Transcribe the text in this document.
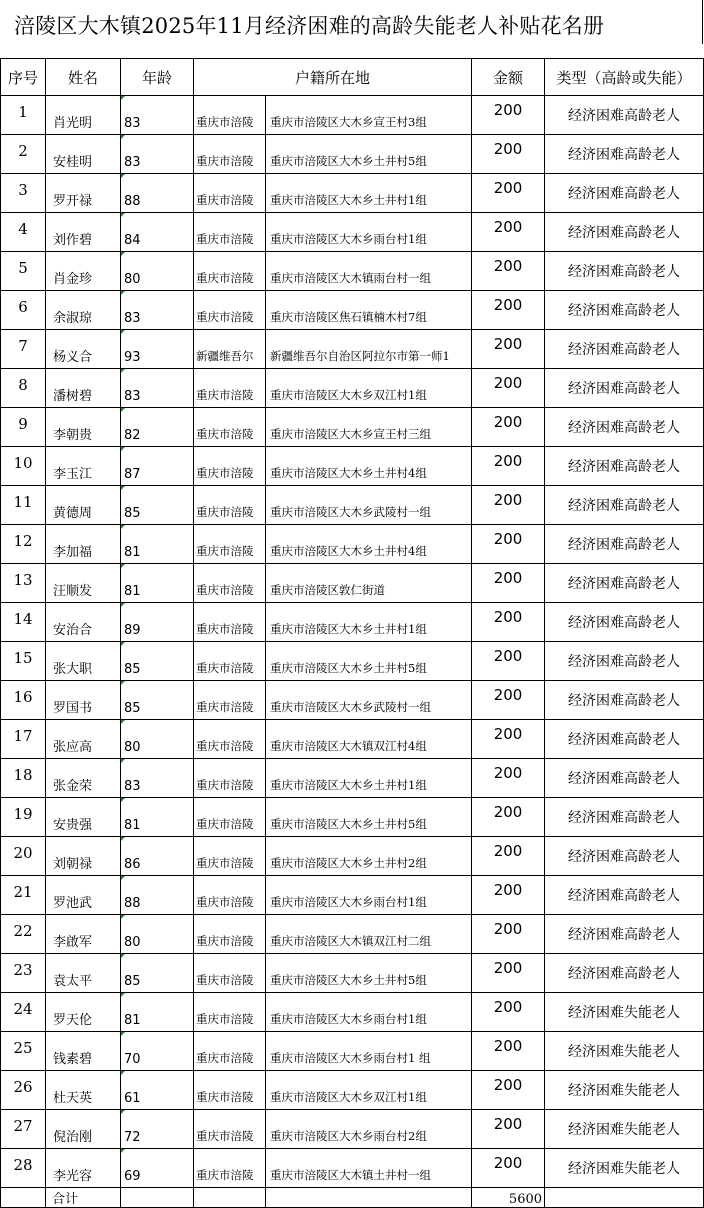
涪陵区大木镇2025年11月经济困难的高龄失能老人补贴花名册
序号	姓名	年龄	户籍所在地		金额	类型（高龄或失能）
1	肖光明	83	重庆市涪陵	重庆市涪陵区大木乡宣王村3组	200	经济困难高龄老人
2	安桂明	83	重庆市涪陵	重庆市涪陵区大木乡土井村5组	200	经济困难高龄老人
3	罗开禄	88	重庆市涪陵	重庆市涪陵区大木乡土井村1组	200	经济困难高龄老人
4	刘作碧	84	重庆市涪陵	重庆市涪陵区大木乡雨台村1组	200	经济困难高龄老人
5	肖金珍	80	重庆市涪陵	重庆市涪陵区大木镇雨台村一组	200	经济困难高龄老人
6	余淑琼	83	重庆市涪陵	重庆市涪陵区焦石镇楠木村7组	200	经济困难高龄老人
7	杨义合	93	新疆维吾尔	新疆维吾尔自治区阿拉尔市第一师1	200	经济困难高龄老人
8	潘树碧	83	重庆市涪陵	重庆市涪陵区大木乡双江村1组	200	经济困难高龄老人
9	李朝贵	82	重庆市涪陵	重庆市涪陵区大木乡宣王村三组	200	经济困难高龄老人
10	李玉江	87	重庆市涪陵	重庆市涪陵区大木乡土井村4组	200	经济困难高龄老人
11	黄德周	85	重庆市涪陵	重庆市涪陵区大木乡武陵村一组	200	经济困难高龄老人
12	李加福	81	重庆市涪陵	重庆市涪陵区大木乡土井村4组	200	经济困难高龄老人
13	汪顺发	81	重庆市涪陵	重庆市涪陵区敦仁街道	200	经济困难高龄老人
14	安治合	89	重庆市涪陵	重庆市涪陵区大木乡土井村1组	200	经济困难高龄老人
15	张大职	85	重庆市涪陵	重庆市涪陵区大木乡土井村5组	200	经济困难高龄老人
16	罗国书	85	重庆市涪陵	重庆市涪陵区大木乡武陵村一组	200	经济困难高龄老人
17	张应高	80	重庆市涪陵	重庆市涪陵区大木镇双江村4组	200	经济困难高龄老人
18	张金荣	83	重庆市涪陵	重庆市涪陵区大木乡土井村1组	200	经济困难高龄老人
19	安贵强	81	重庆市涪陵	重庆市涪陵区大木乡土井村5组	200	经济困难高龄老人
20	刘朝禄	86	重庆市涪陵	重庆市涪陵区大木乡土井村2组	200	经济困难高龄老人
21	罗池武	88	重庆市涪陵	重庆市涪陵区大木乡雨台村1组	200	经济困难高龄老人
22	李啟军	80	重庆市涪陵	重庆市涪陵区大木镇双江村二组	200	经济困难高龄老人
23	袁太平	85	重庆市涪陵	重庆市涪陵区大木乡土井村5组	200	经济困难高龄老人
24	罗天伦	81	重庆市涪陵	重庆市涪陵区大木乡雨台村1组	200	经济困难失能老人
25	钱素碧	70	重庆市涪陵	重庆市涪陵区大木乡雨台村1 组	200	经济困难失能老人
26	杜天英	61	重庆市涪陵	重庆市涪陵区大木乡双江村1组	200	经济困难失能老人
27	倪治刚	72	重庆市涪陵	重庆市涪陵区大木乡雨台村2组	200	经济困难失能老人
28	李光容	69	重庆市涪陵	重庆市涪陵区大木镇土井村一组	200	经济困难失能老人
	合计				5600	
